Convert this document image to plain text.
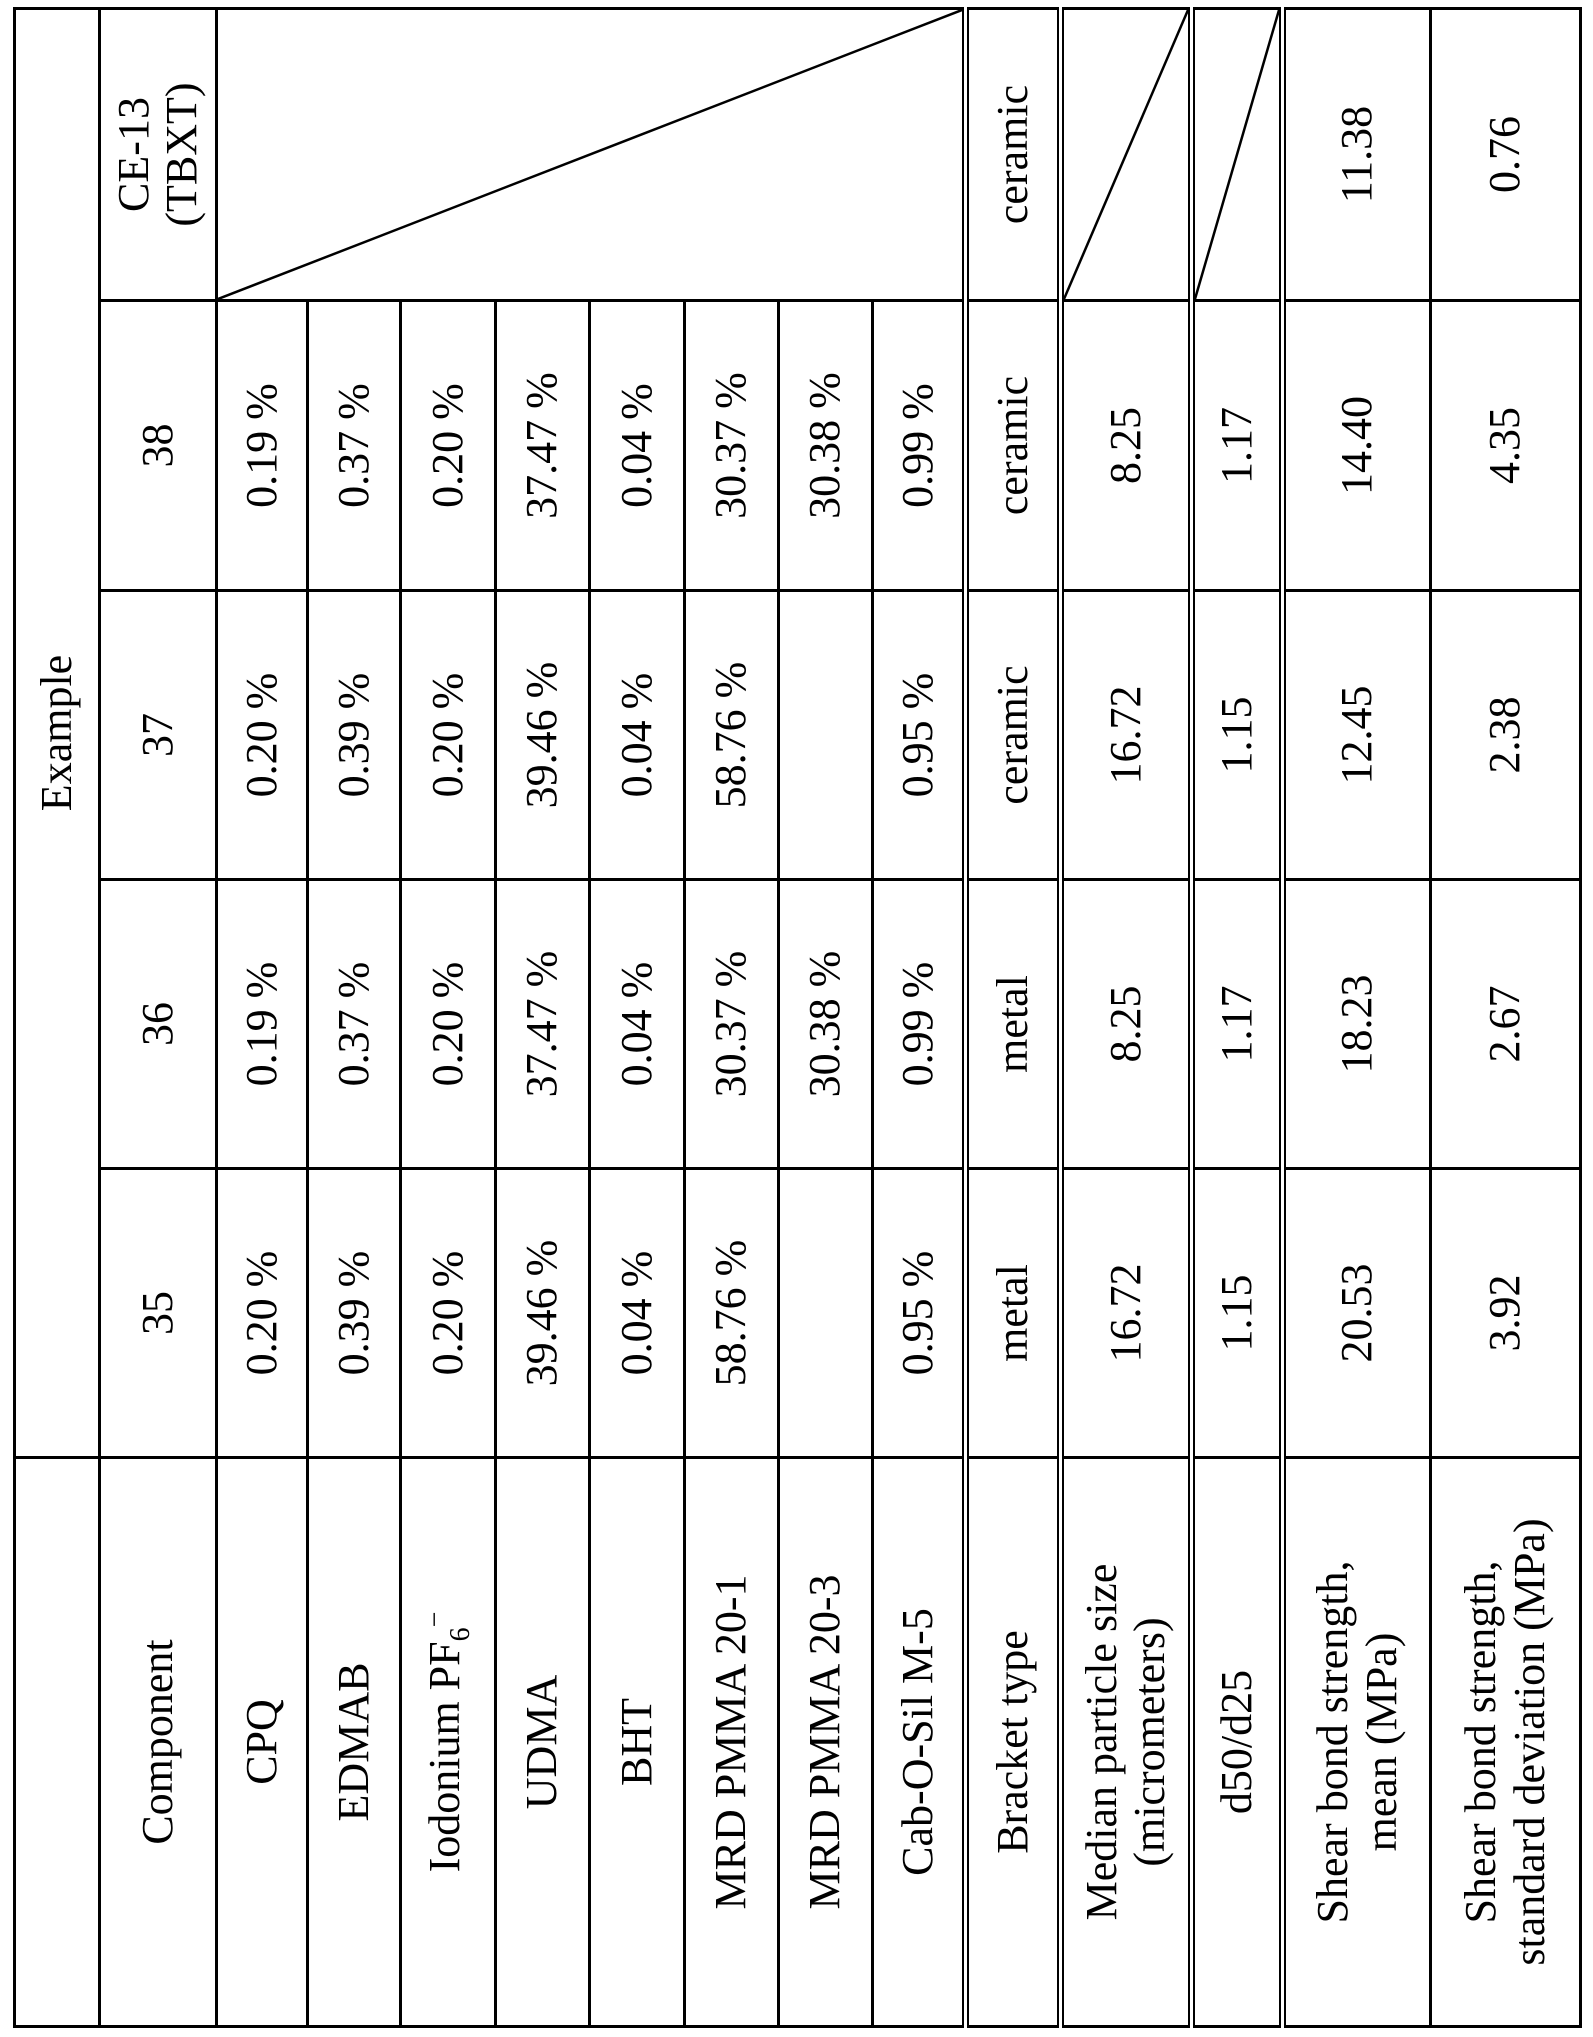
	Example
Component	35	36	37	38	CE-13
(TBXT)
CPQ	0.20 %	0.19 %	0.20 %	0.19 %	

EDMAB	0.39 %	0.37 %	0.39 %	0.37 %
Iodonium PF6−	0.20 %	0.20 %	0.20 %	0.20 %
UDMA	39.46 %	37.47 %	39.46 %	37.47 %
BHT	0.04 %	0.04 %	0.04 %	0.04 %
MRD PMMA 20-1	58.76 %	30.37 %	58.76 %	30.37 %
MRD PMMA 20-3		30.38 %		30.38 %
Cab-O-Sil M-5	0.95 %	0.99 %	0.95 %	0.99 %
Bracket type	metal	metal	ceramic	ceramic	ceramic
Median particle size
(micrometers)	16.72	8.25	16.72	8.25	

d50/d25	1.15	1.17	1.15	1.17	

Shear bond strength,
mean (MPa)	20.53	18.23	12.45	14.40	11.38
Shear bond strength,
standard deviation (MPa)	3.92	2.67	2.38	4.35	0.76
